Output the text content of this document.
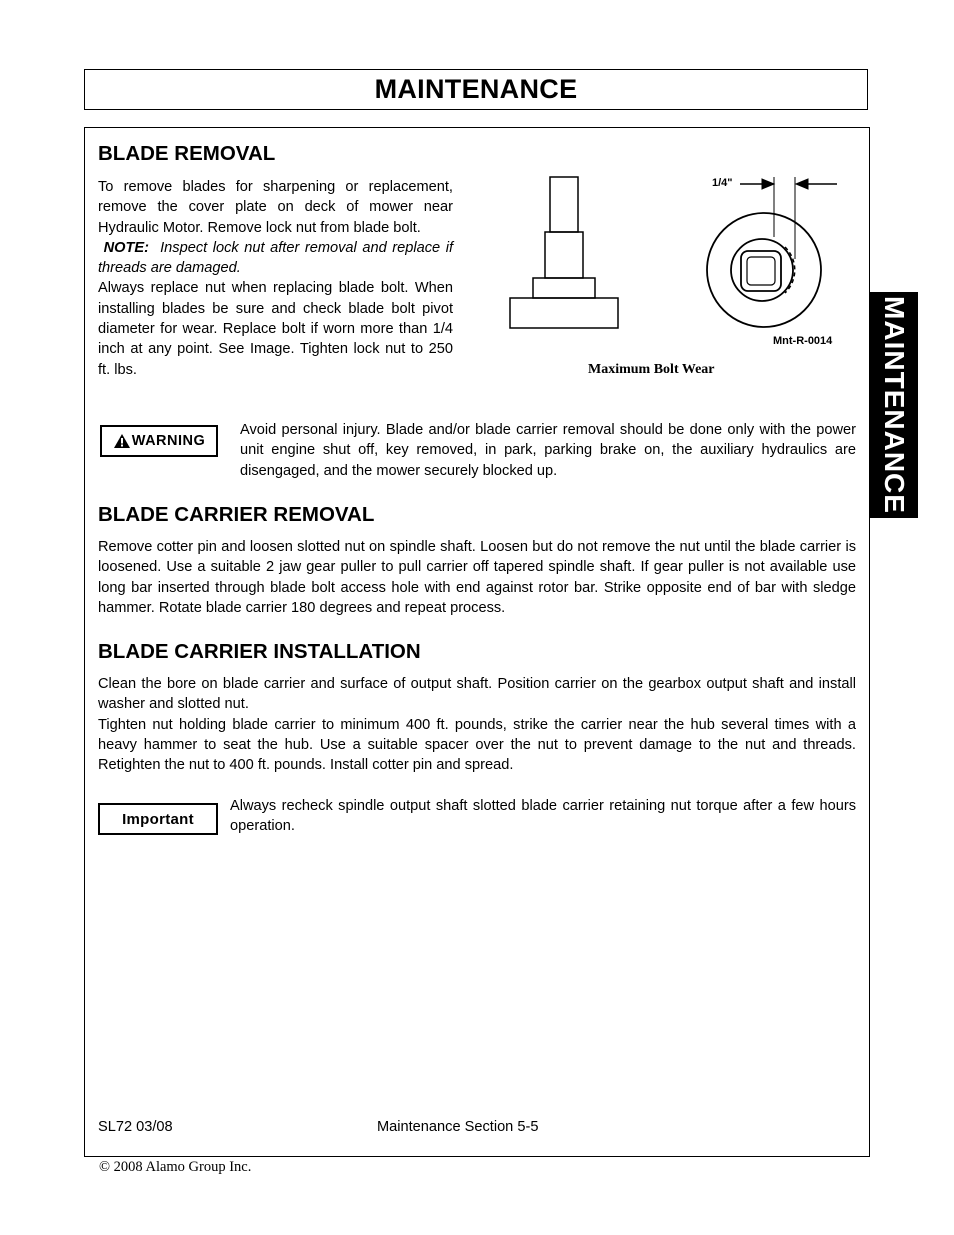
MAINTENANCE
MAINTENANCE
BLADE REMOVAL
To remove blades for sharpening or replacement, remove the cover plate on deck of mower near Hydraulic Motor. Remove lock nut from blade bolt.
NOTE: Inspect lock nut after removal and replace if threads are damaged.
Always replace nut when replacing blade bolt. When installing blades be sure and check blade bolt pivot diameter for wear. Replace bolt if worn more than 1/4 inch at any point. See Image. Tighten lock nut to 250 ft. lbs.
1/4"
Mnt-R-0014
Maximum Bolt Wear
WARNING

Avoid personal injury. Blade and/or blade carrier removal should be done only with the power unit engine shut off, key removed, in park, parking brake on, the auxiliary hydraulics are disengaged, and the mower securely blocked up.

BLADE CARRIER REMOVAL

Remove cotter pin and loosen slotted nut on spindle shaft. Loosen but do not remove the nut until the blade carrier is loosened. Use a suitable 2 jaw gear puller to pull carrier off tapered spindle shaft. If gear puller is not available use long bar inserted through blade bolt access hole with end against rotor bar. Strike opposite end of bar with sledge hammer. Rotate blade carrier 180 degrees and repeat process.

BLADE CARRIER INSTALLATION
Clean the bore on blade carrier and surface of output shaft. Position carrier on the gearbox output shaft and install washer and slotted nut.
Tighten nut holding blade carrier to minimum 400 ft. pounds, strike the carrier near the hub several times with a heavy hammer to seat the hub. Use a suitable spacer over the nut to prevent damage to the nut and threads. Retighten the nut to 400 ft. pounds. Install cotter pin and spread.
Important

Always recheck spindle output shaft slotted blade carrier retaining nut torque after a few hours operation.

SL72 03/08	Maintenance Section 5-5
© 2008 Alamo Group Inc.
